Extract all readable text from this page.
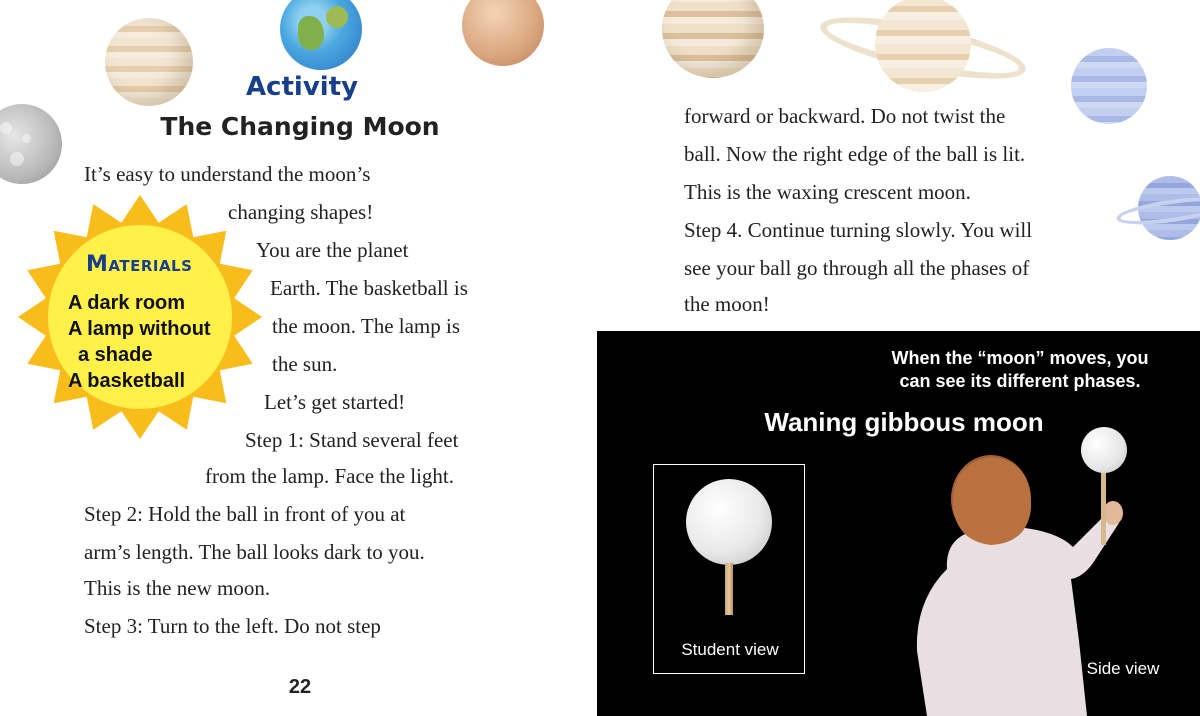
Activity
The Changing Moon
Materials
A dark room
A lamp without
a shade
A basketball
It’s easy to understand the moon’s
changing shapes!
You are the planet
Earth. The basketball is
the moon. The lamp is
the sun.
Let’s get started!
Step 1: Stand several feet
from the lamp. Face the light.
Step 2: Hold the ball in front of you at
arm’s length. The ball looks dark to you.
This is the new moon.
Step 3: Turn to the left. Do not step
22
forward or backward. Do not twist the
ball. Now the right edge of the ball is lit.
This is the waxing crescent moon.
Step 4. Continue turning slowly. You will
see your ball go through all the phases of
the moon!
When the “moon” moves, you
can see its different phases.
Waning gibbous moon
Student view
Side view
